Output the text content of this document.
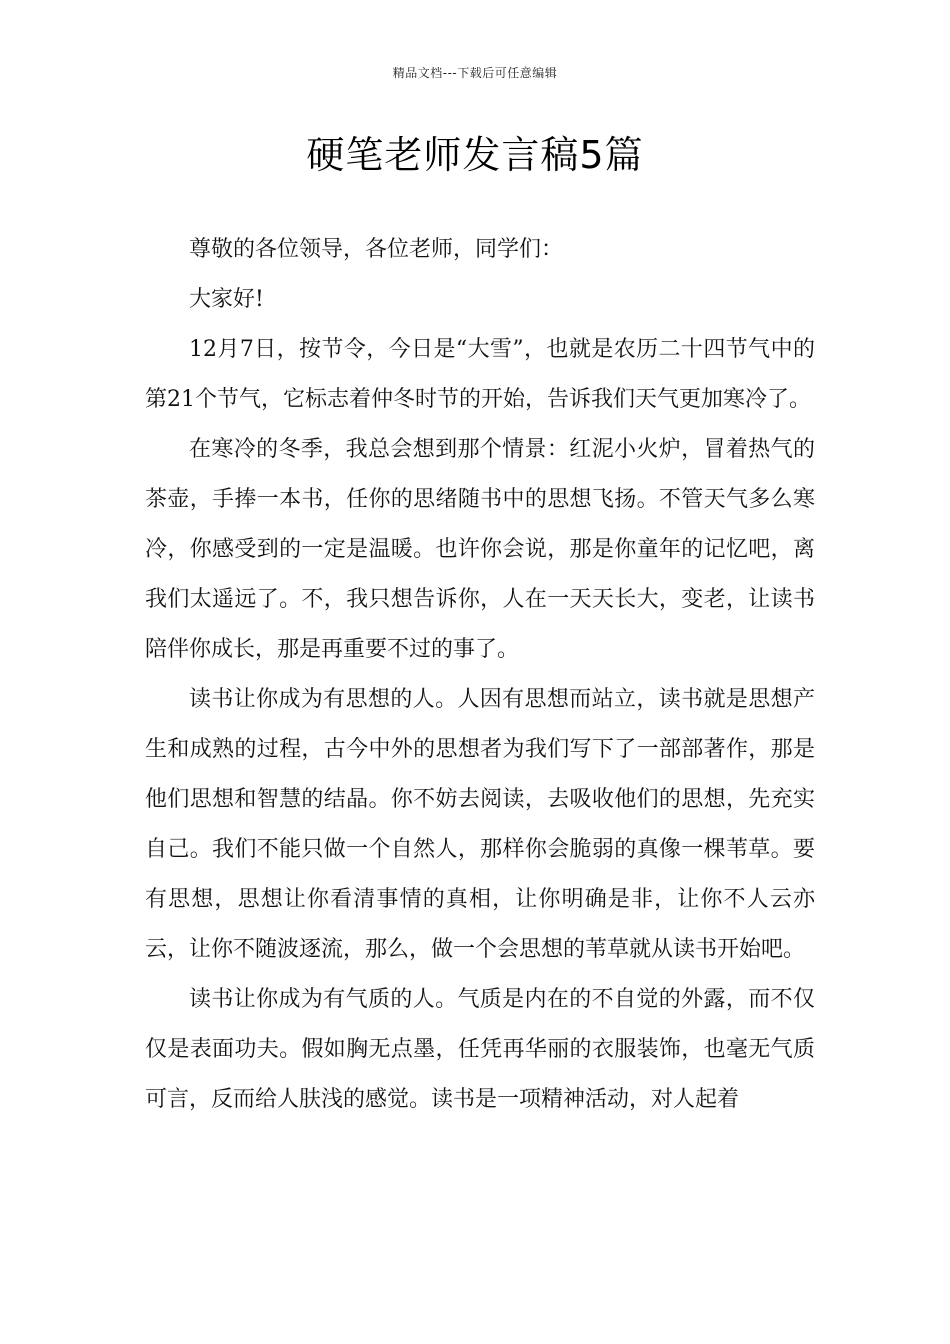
精品文档---下载后可任意编辑
硬笔老师发言稿5篇

尊敬的各位领导，各位老师，同学们：

大家好!

12月7日，按节令，今日是“大雪”，也就是农历二十四节气中的第21个节气，它标志着仲冬时节的开始，告诉我们天气更加寒冷了。

在寒冷的冬季，我总会想到那个情景：红泥小火炉，冒着热气的茶壶，手捧一本书，任你的思绪随书中的思想飞扬。不管天气多么寒冷，你感受到的一定是温暖。也许你会说，那是你童年的记忆吧，离我们太遥远了。不，我只想告诉你，人在一天天长大，变老，让读书陪伴你成长，那是再重要不过的事了。

读书让你成为有思想的人。人因有思想而站立，读书就是思想产生和成熟的过程，古今中外的思想者为我们写下了一部部著作，那是他们思想和智慧的结晶。你不妨去阅读，去吸收他们的思想，先充实自己。我们不能只做一个自然人，那样你会脆弱的真像一棵苇草。要有思想，思想让你看清事情的真相，让你明确是非，让你不人云亦云，让你不随波逐流，那么，做一个会思想的苇草就从读书开始吧。

读书让你成为有气质的人。气质是内在的不自觉的外露，而不仅仅是表面功夫。假如胸无点墨，任凭再华丽的衣服装饰，也毫无气质可言，反而给人肤浅的感觉。读书是一项精神活动，对人起着
